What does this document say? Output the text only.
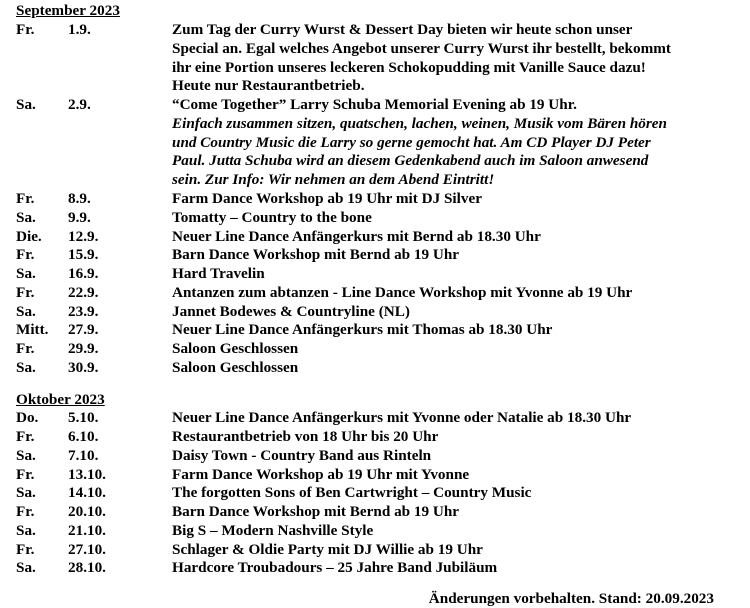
September 2023
Fr. 1.9.	Zum Tag der Curry Wurst & Dessert Day bieten wir heute schon unser
Special an. Egal welches Angebot unserer Curry Wurst ihr bestellt, bekommt
ihr eine Portion unseres leckeren Schokopudding mit Vanille Sauce dazu!
Heute nur Restaurantbetrieb.
Sa. 2.9.	“Come Together” Larry Schuba Memorial Evening ab 19 Uhr.
Einfach zusammen sitzen, quatschen, lachen, weinen, Musik vom Bären hören
und Country Music die Larry so gerne gemocht hat. Am CD Player DJ Peter
Paul. Jutta Schuba wird an diesem Gedenkabend auch im Saloon anwesend
sein. Zur Info: Wir nehmen an dem Abend Eintritt!
Fr. 8.9.	Farm Dance Workshop ab 19 Uhr mit DJ Silver
Sa. 9.9.	Tomatty – Country to the bone
Die. 12.9.	Neuer Line Dance Anfängerkurs mit Bernd ab 18.30 Uhr
Fr. 15.9.	Barn Dance Workshop mit Bernd ab 19 Uhr
Sa. 16.9.	Hard Travelin
Fr. 22.9.	Antanzen zum abtanzen - Line Dance Workshop mit Yvonne ab 19 Uhr
Sa. 23.9.	Jannet Bodewes & Countryline (NL)
Mitt. 27.9.	Neuer Line Dance Anfängerkurs mit Thomas ab 18.30 Uhr
Fr. 29.9.	Saloon Geschlossen
Sa. 30.9.	Saloon Geschlossen
Oktober 2023
Do. 5.10.	Neuer Line Dance Anfängerkurs mit Yvonne oder Natalie ab 18.30 Uhr
Fr. 6.10.	Restaurantbetrieb von 18 Uhr bis 20 Uhr
Sa. 7.10.	Daisy Town - Country Band aus Rinteln
Fr. 13.10.	Farm Dance Workshop ab 19 Uhr mit Yvonne
Sa. 14.10.	The forgotten Sons of Ben Cartwright – Country Music
Fr. 20.10.	Barn Dance Workshop mit Bernd ab 19 Uhr
Sa. 21.10.	Big S – Modern Nashville Style
Fr. 27.10.	Schlager & Oldie Party mit DJ Willie ab 19 Uhr
Sa. 28.10.	Hardcore Troubadours – 25 Jahre Band Jubiläum
Änderungen vorbehalten. Stand: 20.09.2023
